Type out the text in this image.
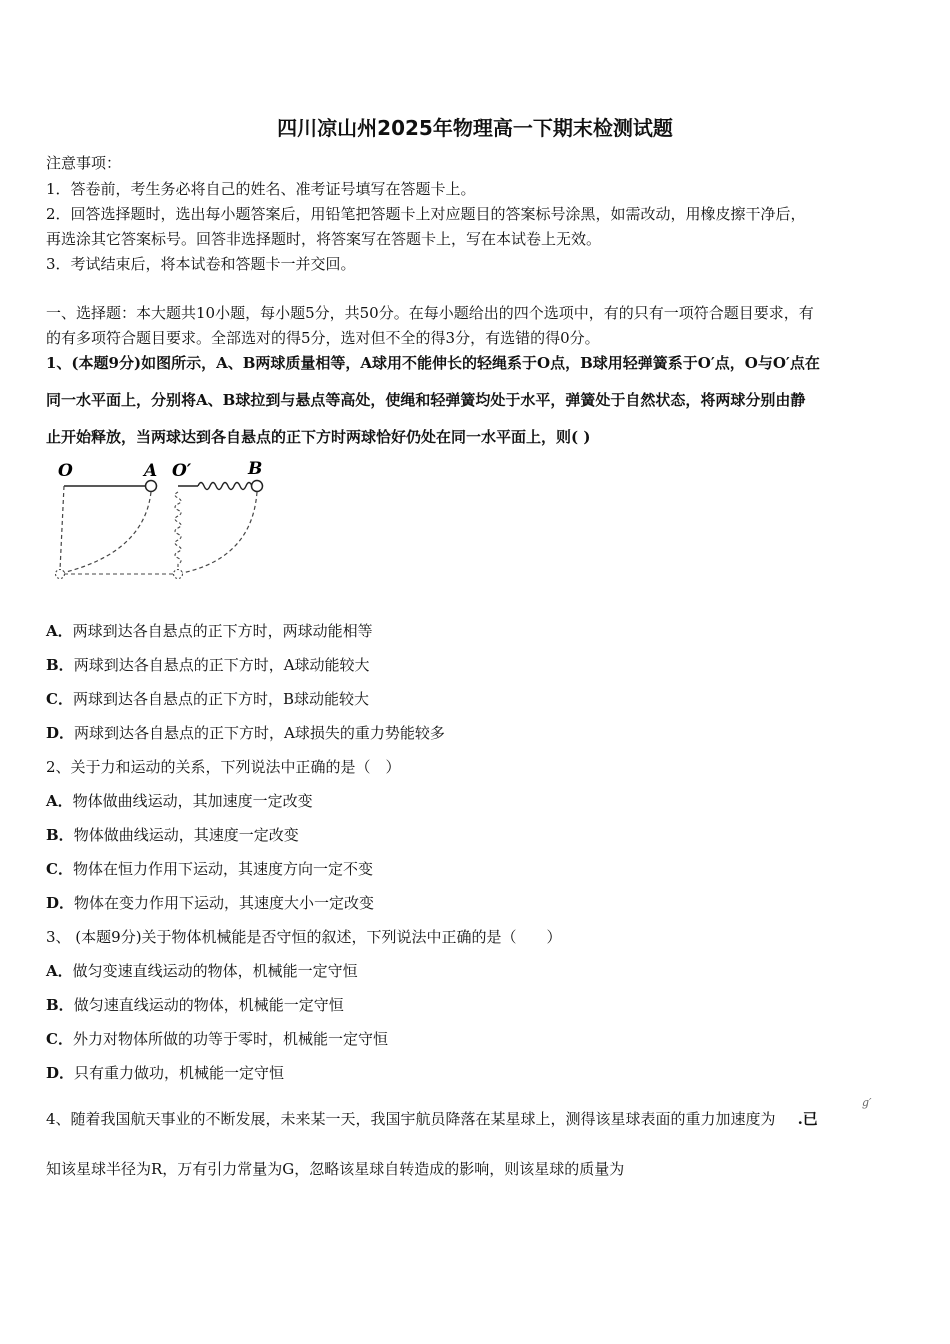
四川凉山州2025年物理高一下期末检测试题
注意事项：
1．答卷前，考生务必将自己的姓名、准考证号填写在答题卡上。
2．回答选择题时，选出每小题答案后，用铅笔把答题卡上对应题目的答案标号涂黑，如需改动，用橡皮擦干净后，
再选涂其它答案标号。回答非选择题时，将答案写在答题卡上，写在本试卷上无效。
3．考试结束后，将本试卷和答题卡一并交回。
一、选择题：本大题共10小题，每小题5分，共50分。在每小题给出的四个选项中，有的只有一项符合题目要求，有
的有多项符合题目要求。全部选对的得5分，选对但不全的得3分，有选错的得0分。
1、(本题9分)如图所示，A、B两球质量相等，A球用不能伸长的轻绳系于O点，B球用轻弹簧系于O′点，O与O′点在
同一水平面上，分别将A、B球拉到与悬点等高处，使绳和轻弹簧均处于水平，弹簧处于自然状态，将两球分别由静
止开始释放，当两球达到各自悬点的正下方时两球恰好仍处在同一水平面上，则( )
O	A O′	B
A．两球到达各自悬点的正下方时，两球动能相等
B．两球到达各自悬点的正下方时，A球动能较大
C．两球到达各自悬点的正下方时，B球动能较大
D．两球到达各自悬点的正下方时，A球损失的重力势能较多
2、关于力和运动的关系，下列说法中正确的是（　）
A．物体做曲线运动，其加速度一定改变
B．物体做曲线运动，其速度一定改变
C．物体在恒力作用下运动，其速度方向一定不变
D．物体在变力作用下运动，其速度大小一定改变
3、 (本题9分)关于物体机械能是否守恒的叙述，下列说法中正确的是（　　）
A．做匀变速直线运动的物体，机械能一定守恒
B．做匀速直线运动的物体，机械能一定守恒
C．外力对物体所做的功等于零时，机械能一定守恒
D．只有重力做功，机械能一定守恒
4、随着我国航天事业的不断发展，未来某一天，我国宇航员降落在某星球上，测得该星球表面的重力加速度为 .已
g′
知该星球半径为R，万有引力常量为G，忽略该星球自转造成的影响，则该星球的质量为
